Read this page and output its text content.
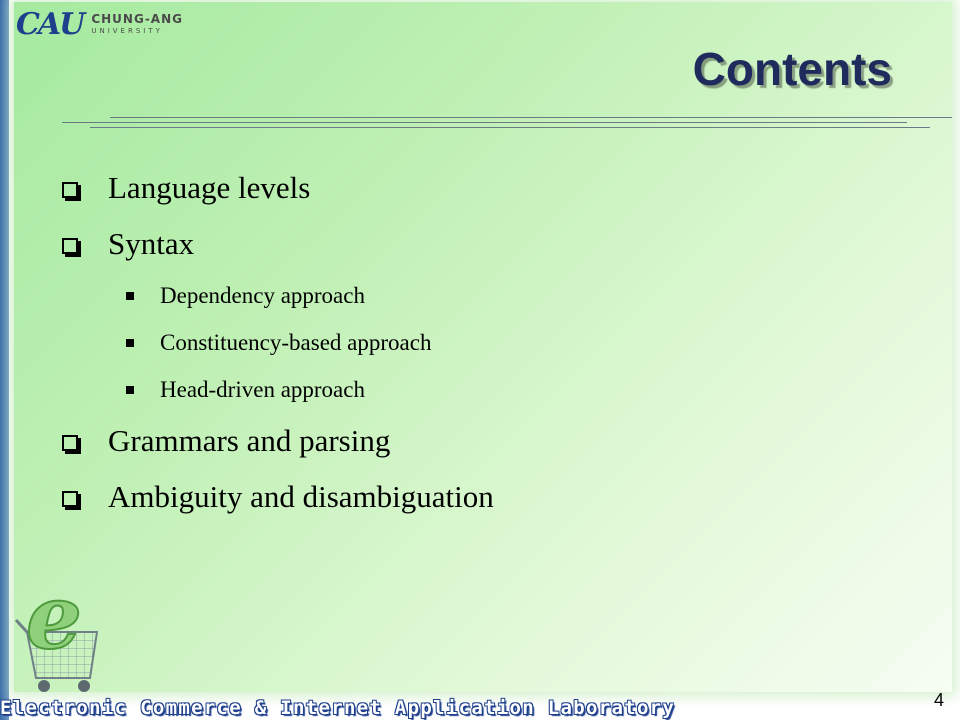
CAU CHUNG-ANG
UNIVERSITY
Contents
Language levels
Syntax
Dependency approach
Constituency-based approach
Head-driven approach
Grammars and parsing
Ambiguity and disambiguation
e
Electronic Commerce & Internet Application Laboratory	4
